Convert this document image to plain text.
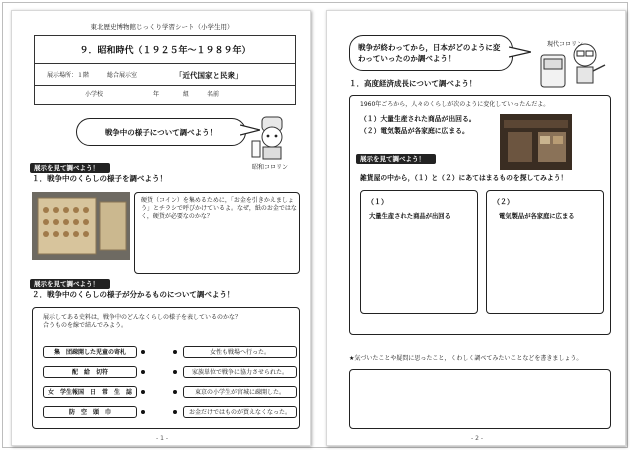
東北歴史博物館じっくり学習シート（小学生用）
９．昭和時代（１９２５年～１９８９年）
展示場所：１階	総合展示室	「近代国家と民衆」
小学校	年	組	名前
戦争中の様子について調べよう！
昭和コロリン
展示を見て調べよう！
１．戦争中のくらしの様子を調べよう！
硬貨（コイン）を集めるために，「お金を引きかえましょう」とチラシで呼びかけているよ。なぜ，紙のお金ではなく，硬貨が必要なのかな？
展示を見て調べよう！
２．戦争中のくらしの様子が分かるものについて調べよう！
展示してある史料は，戦争中のどんなくらしの様子を表しているのかな？
合うものを線で結んでみよう。
集　団疎開した児童の寄札	女性も戦場へ行った。
配　給　切符	家族単位で戦争に協力させられた。
女　学生報国　日　常　生　誌	東京の小学生が宮城に疎開した。
防　空　頭　巾	お金だけではものが買えなくなった。
- 1 -
戦争が終わってから，日本がどのように変わっていったのか調べよう！
現代コロリン
１．高度経済成長について調べよう！
1960年ごろから，人々のくらしが次のように変化していったんだよ。
（１）大量生産された商品が出回る。
（２）電気製品が各家庭に広まる。
展示を見て調べよう！
雑貨屋の中から，（１）と（２）にあてはまるものを探してみよう！
（１）
大量生産された商品が出回る
（２）
電気製品が各家庭に広まる
★気づいたことや疑問に思ったこと，くわしく調べてみたいことなどを書きましょう。
- 2 -
